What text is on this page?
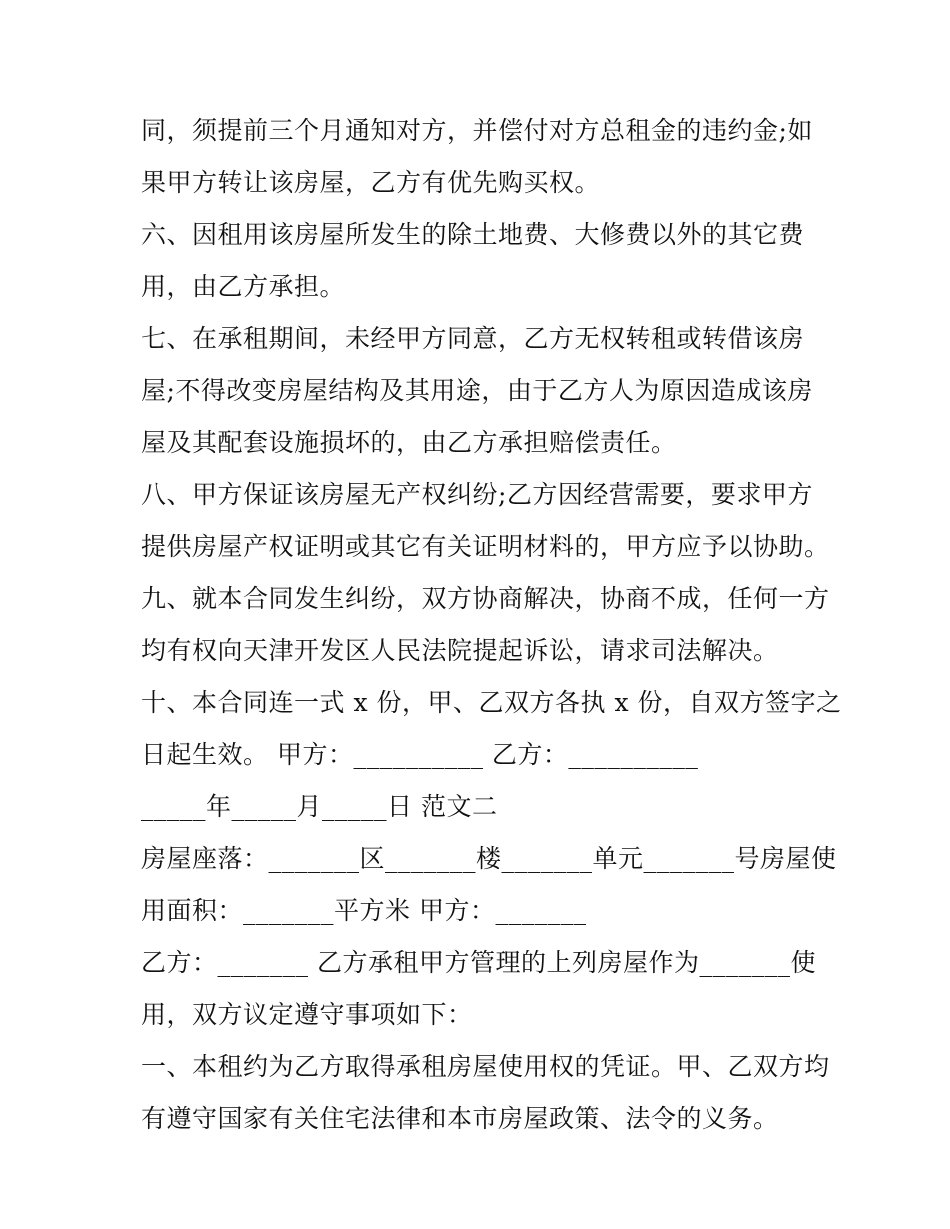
同，须提前三个月通知对方，并偿付对方总租金的违约金;如
果甲方转让该房屋，乙方有优先购买权。
六、因租用该房屋所发生的除土地费、大修费以外的其它费
用，由乙方承担。
七、在承租期间，未经甲方同意，乙方无权转租或转借该房
屋;不得改变房屋结构及其用途，由于乙方人为原因造成该房
屋及其配套设施损坏的，由乙方承担赔偿责任。
八、甲方保证该房屋无产权纠纷;乙方因经营需要，要求甲方
提供房屋产权证明或其它有关证明材料的，甲方应予以协助。
九、就本合同发生纠纷，双方协商解决，协商不成，任何一方
均有权向天津开发区人民法院提起诉讼，请求司法解决。
十、本合同连一式 x 份，甲、乙双方各执 x 份，自双方签字之
日起生效。 甲方：__________ 乙方：__________
_____年_____月_____日 范文二
房屋座落：_______区_______楼_______单元_______号房屋使
用面积：_______平方米 甲方：_______
乙方：_______ 乙方承租甲方管理的上列房屋作为_______使
用，双方议定遵守事项如下：
一、本租约为乙方取得承租房屋使用权的凭证。甲、乙双方均
有遵守国家有关住宅法律和本市房屋政策、法令的义务。
